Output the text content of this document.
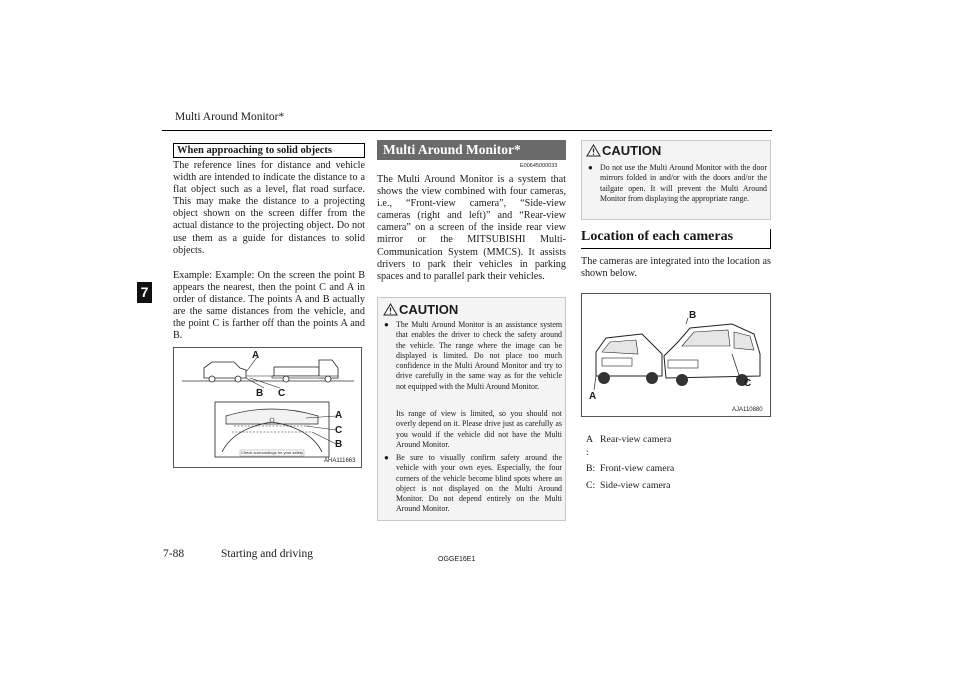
Multi Around Monitor*
7
When approaching to solid objects
The reference lines for distance and vehicle width are intended to indicate the distance to a flat object such as a level, flat road surface. This may make the distance to a projecting object shown on the screen differ from the actual distance to the projecting object. Do not use them as a guide for distances to solid objects.
Example: Example: On the screen the point B appears the nearest, then the point C and A in order of distance. The points A and B actually are the same distances from the vehicle, and the point C is farther off than the points A and B.
A
B C
A
C
B
Check surroundings for your safety.
AHA111663
Multi Around Monitor*
E00645000033
The Multi Around Monitor is a system that shows the view combined with four cameras, i.e., “Front-view camera”, “Side-view cameras (right and left)” and “Rear-view camera” on a screen of the inside rear view mirror or the MITSUBISHI Multi-Communication System (MMCS). It assists drivers to park their vehicles in parking spaces and to parallel park their vehicles.
CAUTION
● The Multi Around Monitor is an assistance system that enables the driver to check the safety around the vehicle. The range where the image can be displayed is limited. Do not place too much confidence in the Multi Around Monitor and try to drive carefully in the same way as for the vehicle not equipped with the Multi Around Monitor.
Its range of view is limited, so you should not overly depend on it. Please drive just as carefully as you would if the vehicle did not have the Multi Around Monitor.
● Be sure to visually confirm safety around the vehicle with your own eyes. Especially, the four corners of the vehicle become blind spots where an object is not displayed on the Multi Around Monitor. Do not depend entirely on the Multi Around Monitor.
CAUTION
● Do not use the Multi Around Monitor with the door mirrors folded in and/or with the doors and/or the tailgate open. It will prevent the Multi Around Monitor from displaying the appropriate range.
Location of each cameras
The cameras are integrated into the location as shown below.
B
A
C
AJA110880
A Rear-view camera
:
B: Front-view camera
C: Side-view camera
7-88	Starting and driving	OGGE16E1
